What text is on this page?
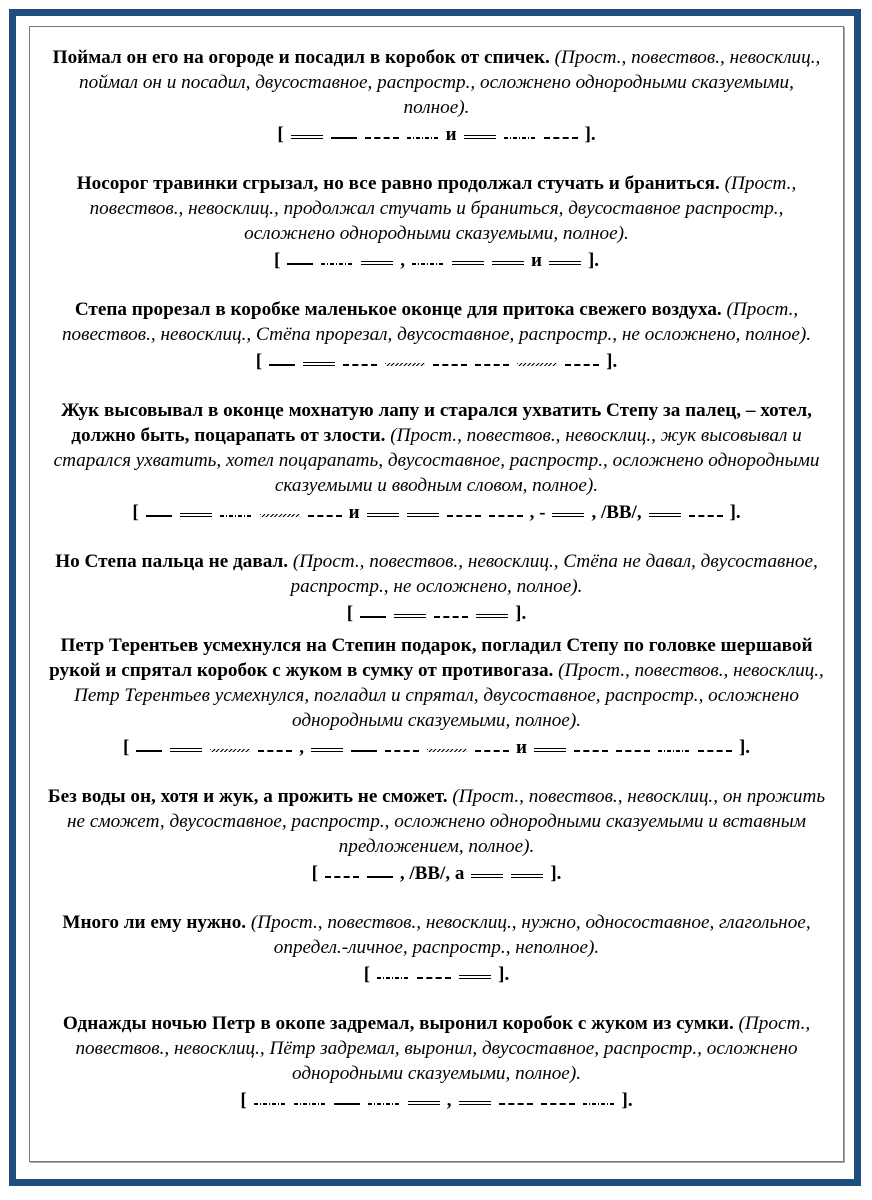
Поймал он его на огороде и посадил в коробок от спичек. (Прост., повествов., невосклиц., поймал он и посадил, двусоставное, распростр., осложнено однородными сказуемыми, полное).
[	и	].
Носорог травинки сгрызал, но все равно продолжал стучать и браниться. (Прост., повествов., невосклиц., продолжал стучать и браниться, двусоставное распростр., осложнено однородными сказуемыми, полное).
[	,	и ].
Степа прорезал в коробке маленькое оконце для притока свежего воздуха. (Прост., повествов., невосклиц., Стёпа прорезал, двусоставное, распростр., не осложнено, полное).
[	].
Жук высовывал в оконце мохнатую лапу и старался ухватить Степу за палец, – хотел, должно быть, поцарапать от злости. (Прост., повествов., невосклиц., жук высовывал и старался ухватить, хотел поцарапать, двусоставное, распростр., осложнено однородными сказуемыми и вводным словом, полное).
[	и	, - , /ВВ/,	].
Но Степа пальца не давал. (Прост., повествов., невосклиц., Стёпа не давал, двусоставное, распростр., не осложнено, полное).
[	].
Петр Терентьев усмехнулся на Степин подарок, погладил Степу по головке шершавой рукой и спрятал коробок с жуком в сумку от противогаза. (Прост., повествов., невосклиц., Петр Терентьев усмехнулся, погладил и спрятал, двусоставное, распростр., осложнено однородными сказуемыми, полное).
[	,	и	].
Без воды он, хотя и жук, а прожить не сможет. (Прост., повествов., невосклиц., он прожить не сможет, двусоставное, распростр., осложнено однородными сказуемыми и вставным предложением, полное).
[	, /ВВ/, а	].
Много ли ему нужно. (Прост., повествов., невосклиц., нужно, односоставное, глагольное, определ.-личное, распростр., неполное).
[	].
Однажды ночью Петр в окопе задремал, выронил коробок с жуком из сумки. (Прост., повествов., невосклиц., Пётр задремал, выронил, двусоставное, распростр., осложнено однородными сказуемыми, полное).
[	,	].
